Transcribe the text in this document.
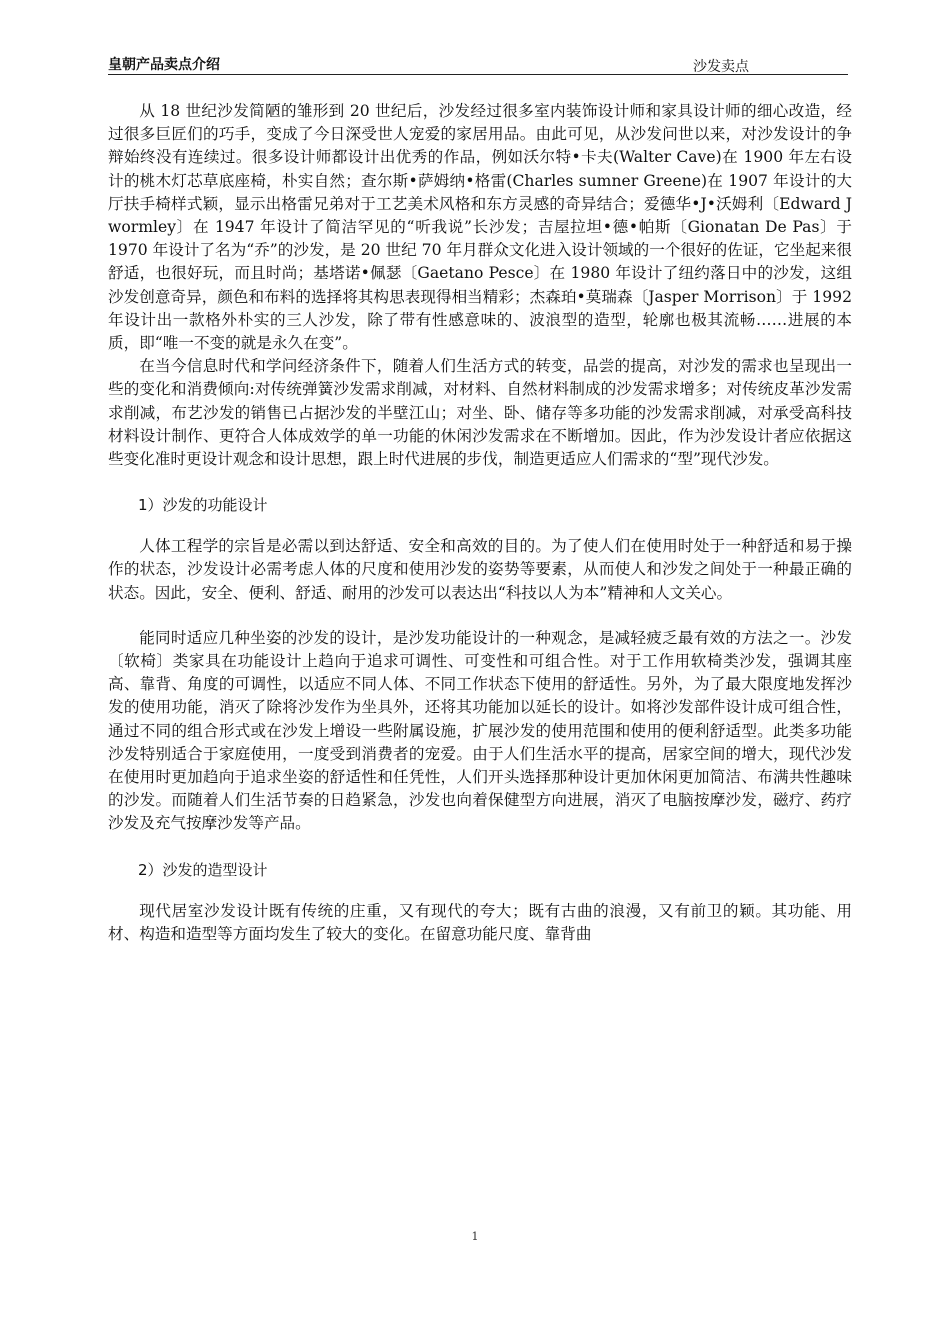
皇朝产品卖点介绍	沙发卖点

从 18 世纪沙发简陋的雏形到 20 世纪后，沙发经过很多室内装饰设计师和家具设计师的细心改造，经过很多巨匠们的巧手，变成了今日深受世人宠爱的家居用品。由此可见，从沙发问世以来，对沙发设计的争辩始终没有连续过。很多设计师都设计出优秀的作品，例如沃尔特•卡夫(Walter Cave)在 1900 年左右设计的桃木灯芯草底座椅，朴实自然；查尔斯•萨姆纳•格雷(Charles sumner Greene)在 1907 年设计的大厅扶手椅样式颖，显示出格雷兄弟对于工艺美术风格和东方灵感的奇异结合；爱德华•J•沃姆利〔Edward J wormley〕在 1947 年设计了简洁罕见的“听我说”长沙发；吉屋拉坦•德•帕斯〔Gionatan De Pas〕于 1970 年设计了名为“乔”的沙发，是 20 世纪 70 年月群众文化进入设计领域的一个很好的佐证，它坐起来很舒适，也很好玩，而且时尚；基塔诺•佩瑟〔Gaetano Pesce〕在 1980 年设计了纽约落日中的沙发，这组沙发创意奇异，颜色和布料的选择将其构思表现得相当精彩；杰森珀•莫瑞森〔Jasper Morrison〕于 1992 年设计出一款格外朴实的三人沙发，除了带有性感意味的、波浪型的造型，轮廓也极其流畅……进展的本质，即“唯一不变的就是永久在变”。

在当今信息时代和学问经济条件下，随着人们生活方式的转变，品尝的提高，对沙发的需求也呈现出一些的变化和消费倾向:对传统弹簧沙发需求削减，对材料、自然材料制成的沙发需求增多；对传统皮革沙发需求削减，布艺沙发的销售已占据沙发的半壁江山；对坐、卧、储存等多功能的沙发需求削减，对承受高科技材料设计制作、更符合人体成效学的单一功能的休闲沙发需求在不断增加。因此，作为沙发设计者应依据这些变化准时更设计观念和设计思想，跟上时代进展的步伐，制造更适应人们需求的“型”现代沙发。

1）沙发的功能设计

人体工程学的宗旨是必需以到达舒适、安全和高效的目的。为了使人们在使用时处于一种舒适和易于操作的状态，沙发设计必需考虑人体的尺度和使用沙发的姿势等要素，从而使人和沙发之间处于一种最正确的状态。因此，安全、便利、舒适、耐用的沙发可以表达出“科技以人为本”精神和人文关心。

能同时适应几种坐姿的沙发的设计，是沙发功能设计的一种观念，是减轻疲乏最有效的方法之一。沙发〔软椅〕类家具在功能设计上趋向于追求可调性、可变性和可组合性。对于工作用软椅类沙发，强调其座高、靠背、角度的可调性，以适应不同人体、不同工作状态下使用的舒适性。另外，为了最大限度地发挥沙发的使用功能，消灭了除将沙发作为坐具外，还将其功能加以延长的设计。如将沙发部件设计成可组合性，通过不同的组合形式或在沙发上增设一些附属设施，扩展沙发的使用范围和使用的便利舒适型。此类多功能沙发特别适合于家庭使用，一度受到消费者的宠爱。由于人们生活水平的提高，居家空间的增大，现代沙发在使用时更加趋向于追求坐姿的舒适性和任凭性，人们开头选择那种设计更加休闲更加简洁、布满共性趣味的沙发。而随着人们生活节奏的日趋紧急，沙发也向着保健型方向进展，消灭了电脑按摩沙发，磁疗、药疗沙发及充气按摩沙发等产品。

2）沙发的造型设计

现代居室沙发设计既有传统的庄重，又有现代的夸大；既有古曲的浪漫，又有前卫的颖。其功能、用材、构造和造型等方面均发生了较大的变化。在留意功能尺度、靠背曲

1
